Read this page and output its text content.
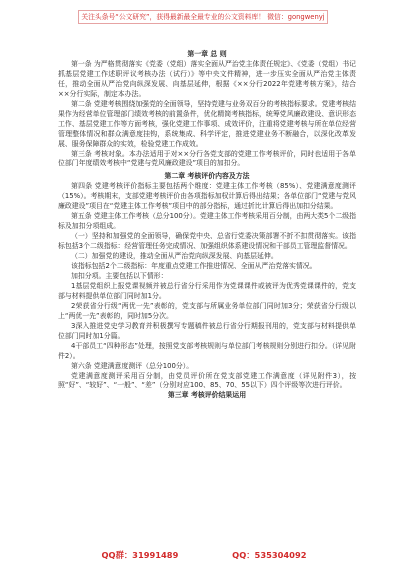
关注头条号“公文研究”，获得最新最全最专业的公文资料库！ 微信：gongwenyj

第一章 总 则

第一条 为严格贯彻落实《党委（党组）落实全面从严治党主体责任规定》、《党委（党组）书记抓基层党建工作述职评议考核办法（试行）》等中央文件精神，进一步压实全面从严治党主体责任，推动全面从严治党向纵深发展、向基层延伸，根据《××分行2022年党建考核方案》，结合××分行实际，制定本办法。

第二条 党建考核围绕加强党的全面领导，坚持党建与业务双百分的考核指标要求。党建考核结果作为经营单位管理部门绩效考核的前置条件，优化精简考核指标，统筹党风廉政建设、意识形态工作、基层党建工作等方面考核，强化党建工作事项、成效评价，注重将党建考核与所在单位经营管理整体情况和群众满意度挂钩，系统集成、科学评定，推进党建业务不断融合，以深化改革发展、服务保障群众的实效，检验党建工作成效。

第三条 考核对象。本办法适用于对××分行各党支部的党建工作考核评价，同时也适用于各单位部门年度绩效考核中“党建与党风廉政建设”项目的加扣分。

第二章 考核评价内容及方法

第四条 党建考核评价指标主要包括两个维度：党建主体工作考核（85%）、党建满意度测评（15%）。考核期末，支部党建考核评价由各项指标加权计算后得出结果；各单位部门“党建与党风廉政建设”项目在“党建主体工作考核”项目中的部分指标，通过折比计算后得出加扣分结果。

第五条 党建主体工作考核（总分100分）。党建主体工作考核采用百分制，由两大类5个二级指标及加扣分项组成。

（一）坚持和加强党的全面领导，确保党中央、总省行党委决策部署不折不扣贯彻落实。该指标包括3个二级指标：经营管理任务完成情况、加强组织体系建设情况和干部员工管理监督情况。

（二）加强党的建设，推动全面从严治党向纵深发展、向基层延伸。

该指标包括2个二级指标：年度重点党建工作推进情况、全面从严治党落实情况。

加扣分项。主要包括以下情形：

1基层党组织上报党课视频并被总行省分行采用作为党课课件或被评为优秀党课课件的，党支部与材料提供单位部门同时加1分。

2荣获省分行级“两优一先”表彰的，党支部与所属业务单位部门同时加3分；荣获省分行级以上“两优一先”表彰的，同时加5分次。

3深入推进党史学习教育并积极撰写专题稿件被总行省分行期报刊用的，党支部与材料提供单位部门同时加1分篇。

4干部员工“四种形态”处理，按照党支部考核规则与单位部门考核规则分别进行扣分。（详见附件2）。

第六条 党建满意度测评（总分100分）。

党建满意度测评采用百分制，由党员评价所在党支部党建工作满意度（详见附件3），按照“好”、“较好”、“一般”、“差”（分别对应100、85、70、55以下）四个评级等次进行评价。

第三章 考核评价结果运用

QQ群：31991489	QQ：535304092
